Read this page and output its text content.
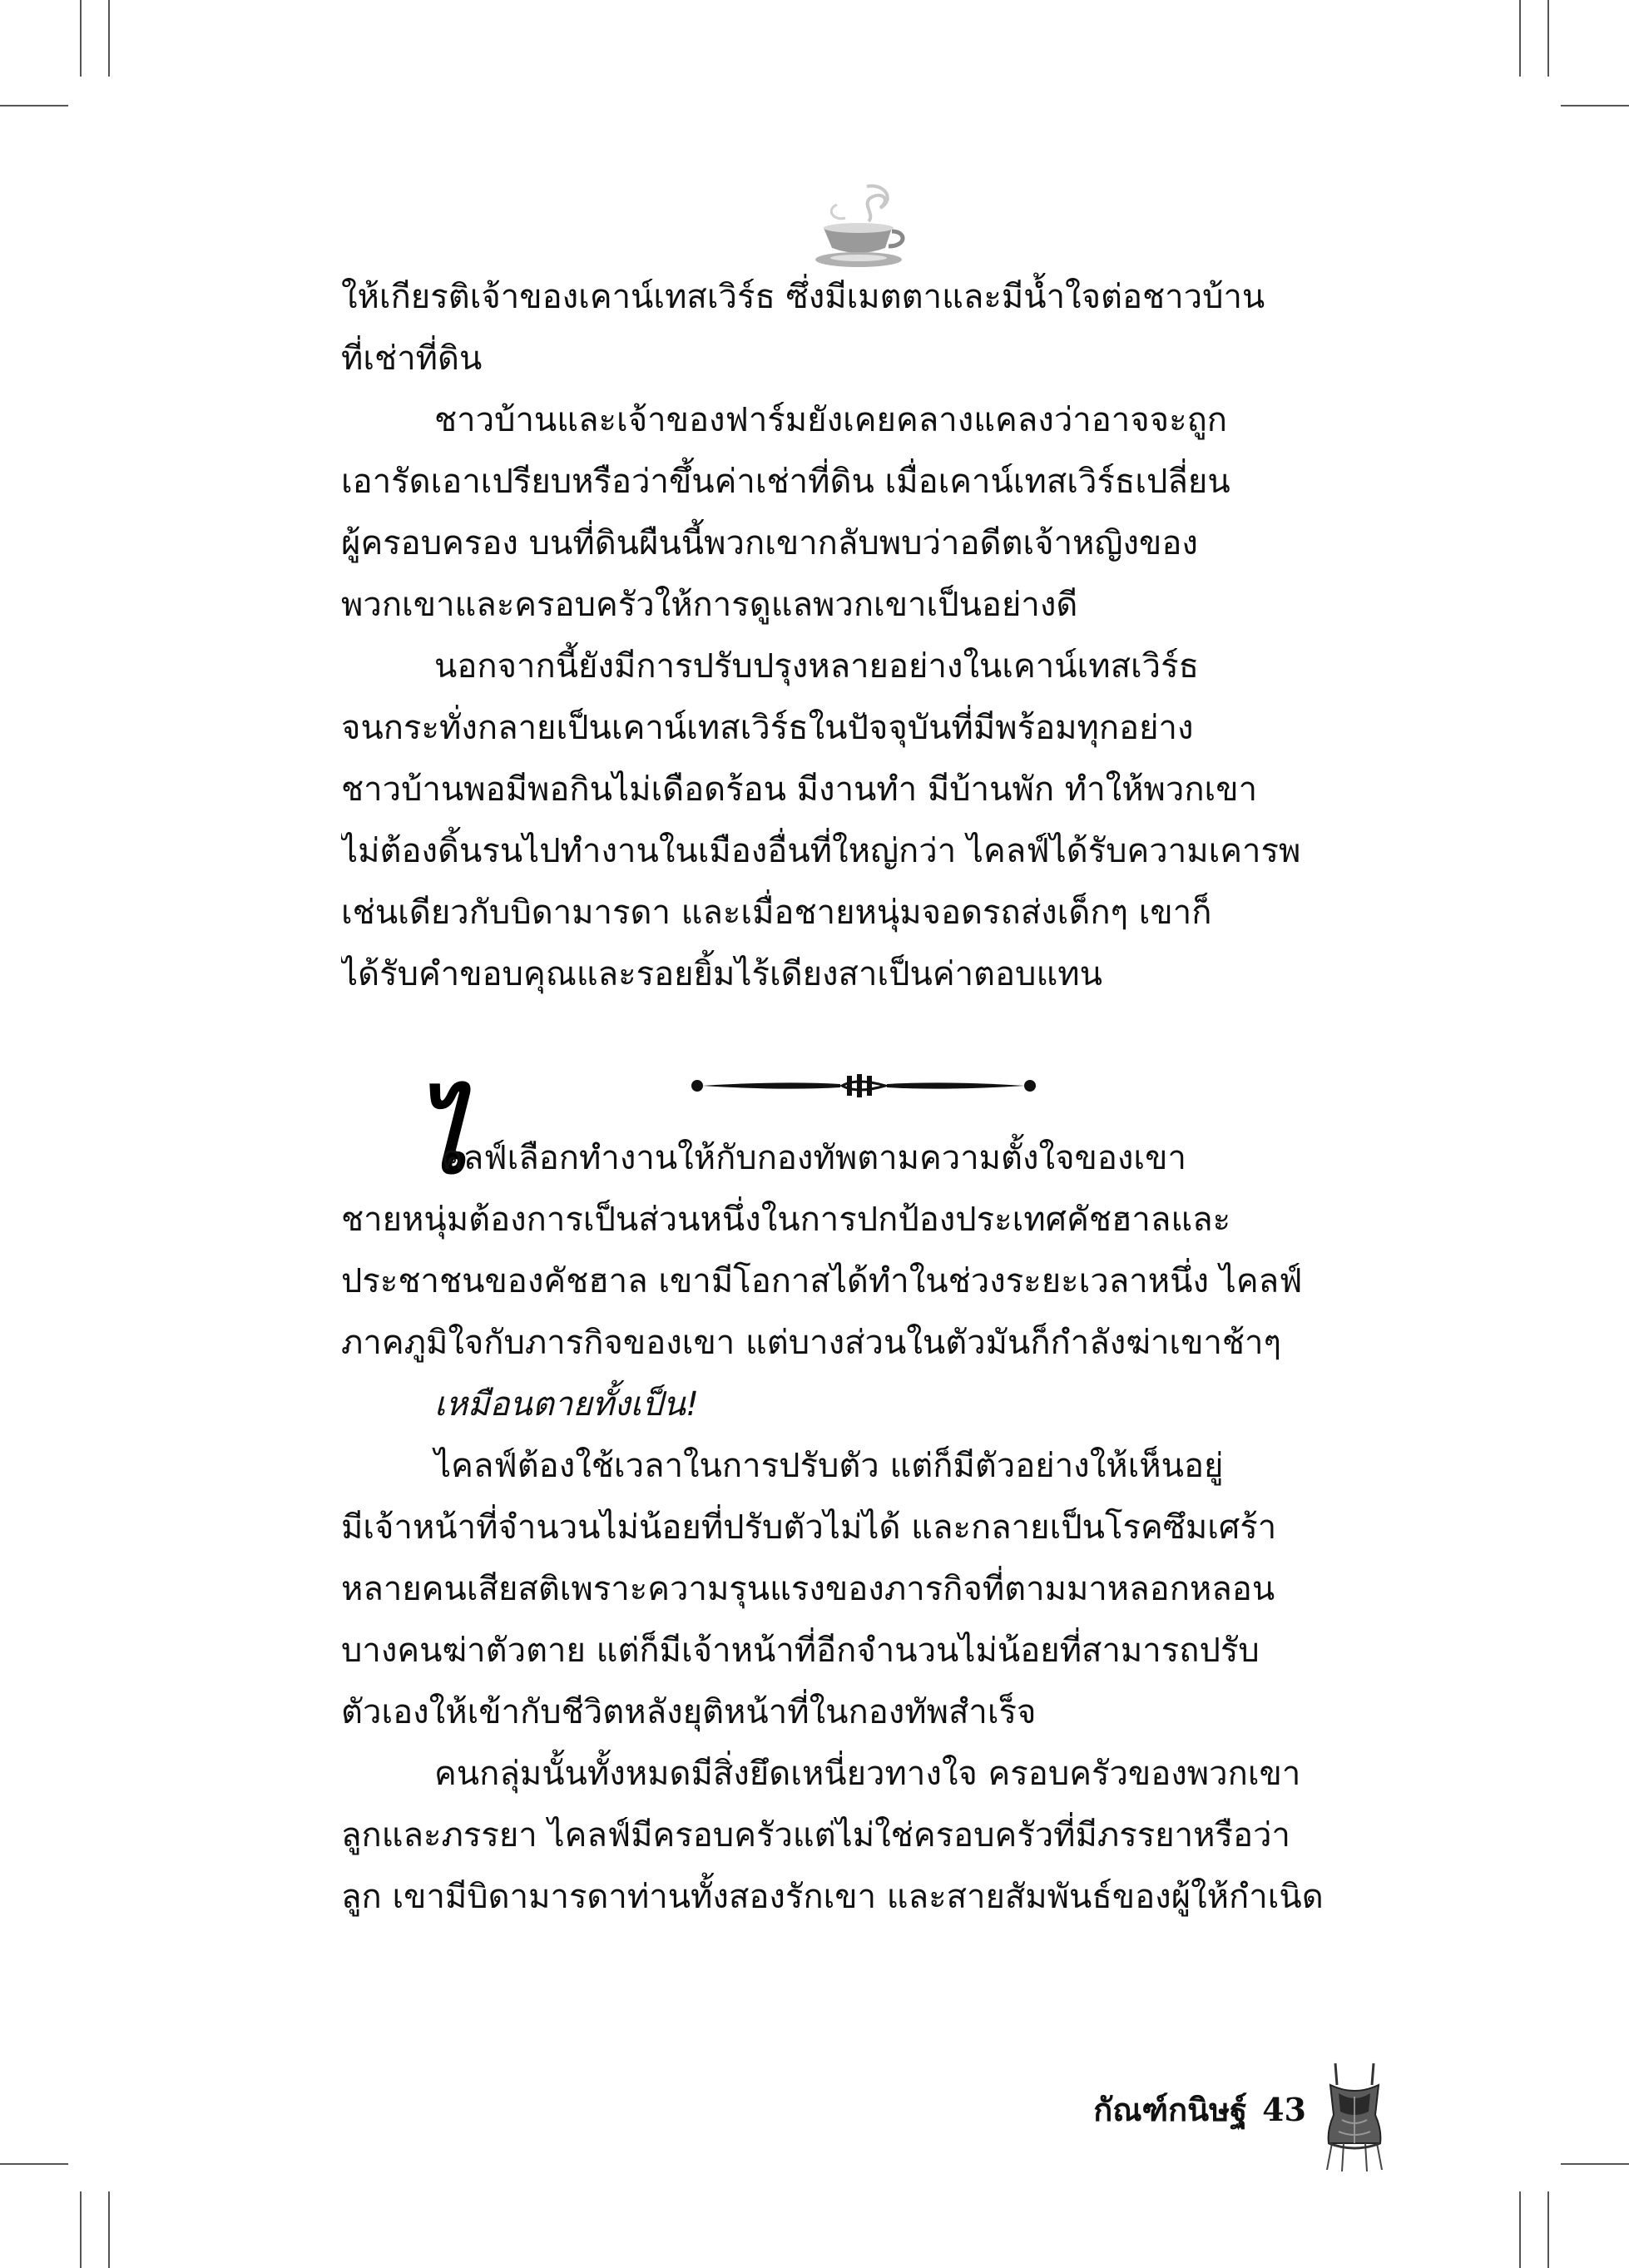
ให้เกียรติเจ้าของเคาน์เทสเวิร์ธ ซึ่งมีเมตตาและมีน้ำใจต่อชาวบ้าน
ที่เช่าที่ดิน
ชาวบ้านและเจ้าของฟาร์มยังเคยคลางแคลงว่าอาจจะถูก
เอารัดเอาเปรียบหรือว่าขึ้นค่าเช่าที่ดิน เมื่อเคาน์เทสเวิร์ธเปลี่ยน
ผู้ครอบครอง บนที่ดินผืนนี้พวกเขากลับพบว่าอดีตเจ้าหญิงของ
พวกเขาและครอบครัวให้การดูแลพวกเขาเป็นอย่างดี
นอกจากนี้ยังมีการปรับปรุงหลายอย่างในเคาน์เทสเวิร์ธ
จนกระทั่งกลายเป็นเคาน์เทสเวิร์ธในปัจจุบันที่มีพร้อมทุกอย่าง
ชาวบ้านพอมีพอกินไม่เดือดร้อน มีงานทำ มีบ้านพัก ทำให้พวกเขา
ไม่ต้องดิ้นรนไปทำงานในเมืองอื่นที่ใหญ่กว่า ไคลฟ์ได้รับความเคารพ
เช่นเดียวกับบิดามารดา และเมื่อชายหนุ่มจอดรถส่งเด็กๆ เขาก็
ได้รับคำขอบคุณและรอยยิ้มไร้เดียงสาเป็นค่าตอบแทน
ไ
คลฟ์เลือกทำงานให้กับกองทัพตามความตั้งใจของเขา
ชายหนุ่มต้องการเป็นส่วนหนึ่งในการปกป้องประเทศคัชฮาลและ
ประชาชนของคัชฮาล เขามีโอกาสได้ทำในช่วงระยะเวลาหนึ่ง ไคลฟ์
ภาคภูมิใจกับภารกิจของเขา แต่บางส่วนในตัวมันก็กำลังฆ่าเขาช้าๆ
เหมือนตายทั้งเป็น!
ไคลฟ์ต้องใช้เวลาในการปรับตัว แต่ก็มีตัวอย่างให้เห็นอยู่
มีเจ้าหน้าที่จำนวนไม่น้อยที่ปรับตัวไม่ได้ และกลายเป็นโรคซึมเศร้า
หลายคนเสียสติเพราะความรุนแรงของภารกิจที่ตามมาหลอกหลอน
บางคนฆ่าตัวตาย แต่ก็มีเจ้าหน้าที่อีกจำนวนไม่น้อยที่สามารถปรับ
ตัวเองให้เข้ากับชีวิตหลังยุติหน้าที่ในกองทัพสำเร็จ
คนกลุ่มนั้นทั้งหมดมีสิ่งยึดเหนี่ยวทางใจ ครอบครัวของพวกเขา
ลูกและภรรยา ไคลฟ์มีครอบครัวแต่ไม่ใช่ครอบครัวที่มีภรรยาหรือว่า
ลูก เขามีบิดามารดาท่านทั้งสองรักเขา และสายสัมพันธ์ของผู้ให้กำเนิด
กัณฑ์กนิษฐ์ 43
